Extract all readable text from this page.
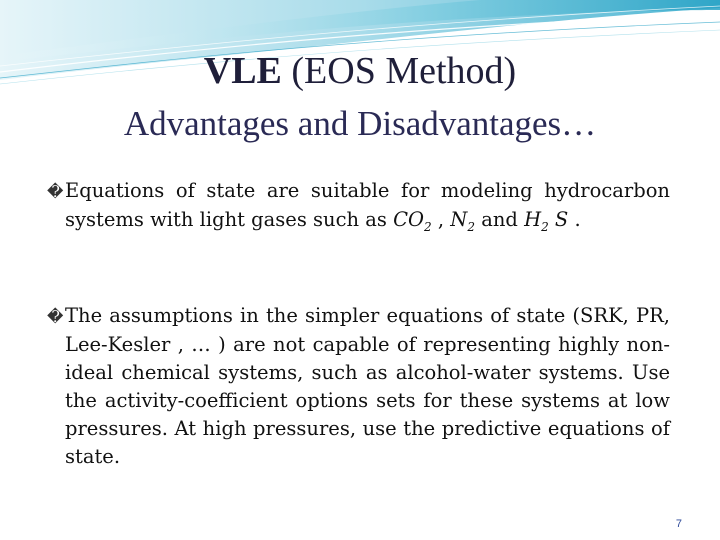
VLE (EOS Method)
Advantages and Disadvantages…

�Equations of state are suitable for modeling hydrocarbon systems with light gases such as $CO_2$ , $N_2$ and $H_2$ S .

�The assumptions in the simpler equations of state (SRK, PR, Lee-Kesler , … ) are not capable of representing highly non-ideal chemical systems, such as alcohol-water systems. Use the activity-coefficient options sets for these systems at low pressures. At high pressures, use the predictive equations of state.

7
